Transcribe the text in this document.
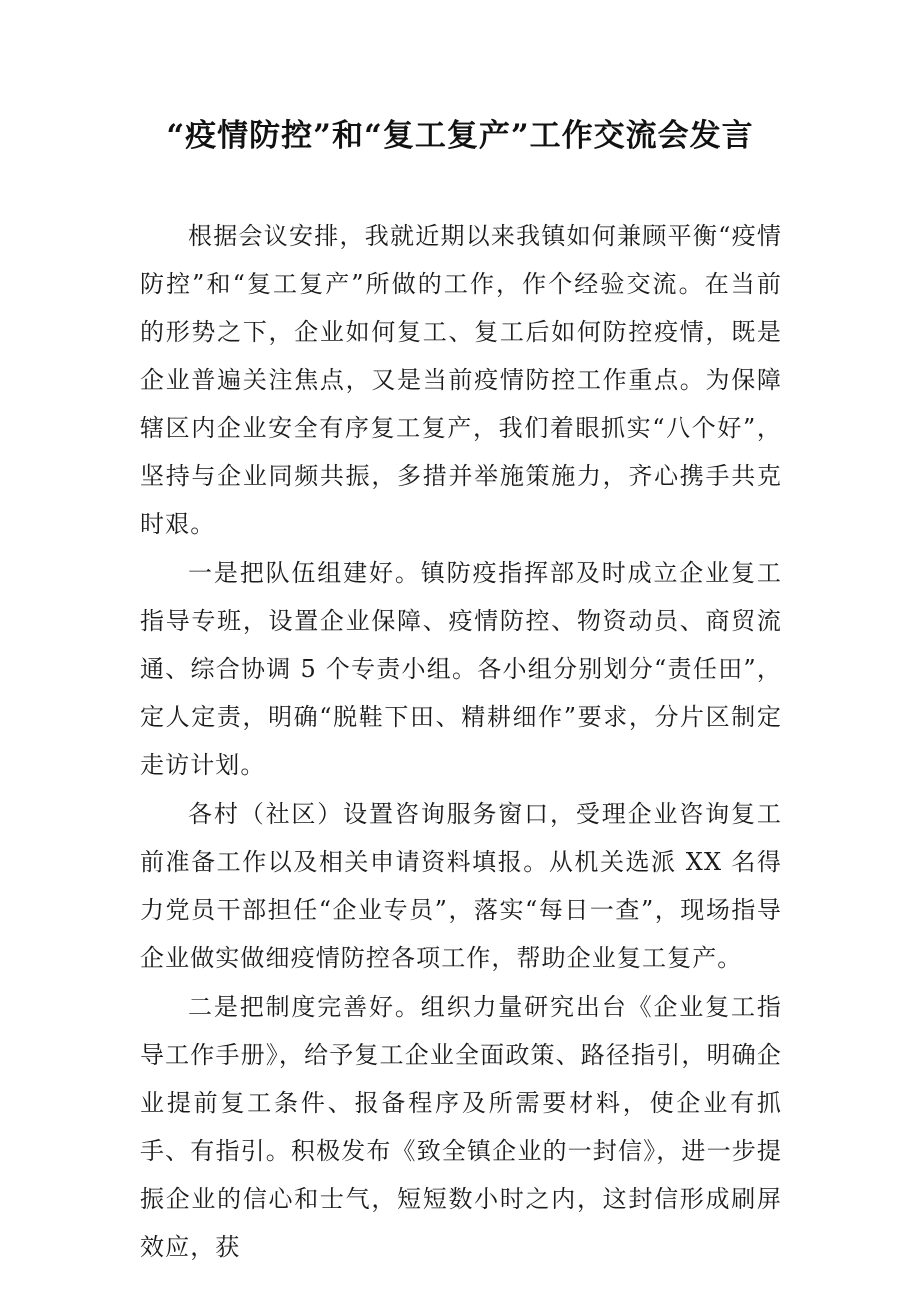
“疫情防控”和“复工复产”工作交流会发言

根据会议安排，我就近期以来我镇如何兼顾平衡“疫情防控”和“复工复产”所做的工作，作个经验交流。在当前的形势之下，企业如何复工、复工后如何防控疫情，既是企业普遍关注焦点，又是当前疫情防控工作重点。为保障辖区内企业安全有序复工复产，我们着眼抓实“八个好”，坚持与企业同频共振，多措并举施策施力，齐心携手共克时艰。

一是把队伍组建好。镇防疫指挥部及时成立企业复工指导专班，设置企业保障、疫情防控、物资动员、商贸流通、综合协调 5 个专责小组。各小组分别划分“责任田”，定人定责，明确“脱鞋下田、精耕细作”要求，分片区制定走访计划。

各村（社区）设置咨询服务窗口，受理企业咨询复工前准备工作以及相关申请资料填报。从机关选派 XX 名得力党员干部担任“企业专员”，落实“每日一查”，现场指导企业做实做细疫情防控各项工作，帮助企业复工复产。

二是把制度完善好。组织力量研究出台《企业复工指导工作手册》，给予复工企业全面政策、路径指引，明确企业提前复工条件、报备程序及所需要材料，使企业有抓手、有指引。积极发布《致全镇企业的一封信》，进一步提振企业的信心和士气，短短数小时之内，这封信形成刷屏效应，获
